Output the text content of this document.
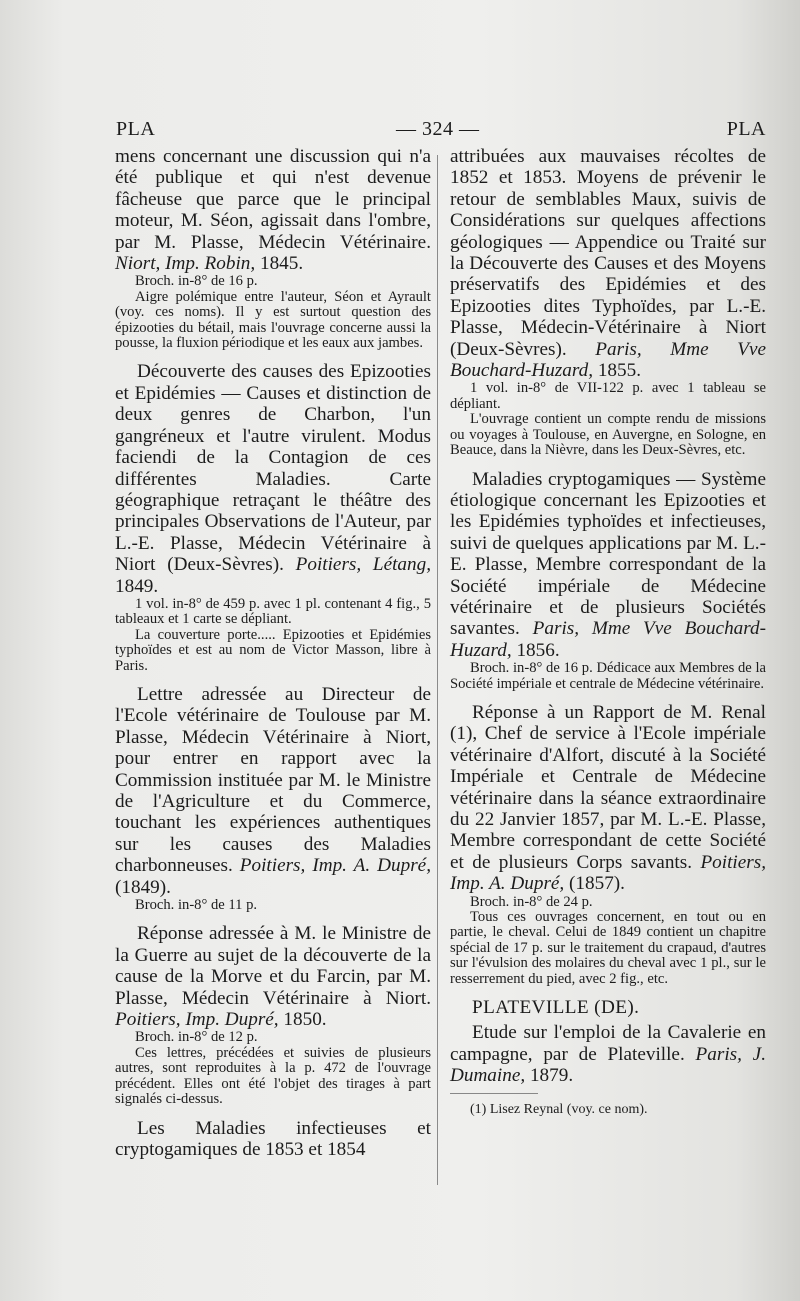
PLA	— 324 —	PLA

mens concernant une discussion qui n'a été publique et qui n'est devenue fâcheuse que parce que le principal moteur, M. Séon, agissait dans l'ombre, par M. Plasse, Médecin Vétérinaire. Niort, Imp. Robin, 1845.

Broch. in-8° de 16 p.

Aigre polémique entre l'auteur, Séon et Ayrault (voy. ces noms). Il y est surtout question des épizooties du bétail, mais l'ouvrage concerne aussi la pousse, la fluxion périodique et les eaux aux jambes.

Découverte des causes des Epizooties et Epidémies — Causes et distinction de deux genres de Charbon, l'un gangréneux et l'autre virulent. Modus faciendi de la Contagion de ces différentes Maladies. Carte géographique retraçant le théâtre des principales Observations de l'Auteur, par L.-E. Plasse, Médecin Vétérinaire à Niort (Deux-Sèvres). Poitiers, Létang, 1849.

1 vol. in-8° de 459 p. avec 1 pl. contenant 4 fig., 5 tableaux et 1 carte se dépliant.

La couverture porte..... Epizooties et Epidémies typhoïdes et est au nom de Victor Masson, libre à Paris.

Lettre adressée au Directeur de l'Ecole vétérinaire de Toulouse par M. Plasse, Médecin Vétérinaire à Niort, pour entrer en rapport avec la Commission instituée par M. le Ministre de l'Agriculture et du Commerce, touchant les expériences authentiques sur les causes des Maladies charbonneuses. Poitiers, Imp. A. Dupré, (1849).

Broch. in-8° de 11 p.

Réponse adressée à M. le Ministre de la Guerre au sujet de la découverte de la cause de la Morve et du Farcin, par M. Plasse, Médecin Vétérinaire à Niort. Poitiers, Imp. Dupré, 1850.

Broch. in-8° de 12 p.

Ces lettres, précédées et suivies de plusieurs autres, sont reproduites à la p. 472 de l'ouvrage précédent. Elles ont été l'objet des tirages à part signalés ci-dessus.

Les Maladies infectieuses et cryptogamiques de 1853 et 1854

attribuées aux mauvaises récoltes de 1852 et 1853. Moyens de prévenir le retour de semblables Maux, suivis de Considérations sur quelques affections géologiques — Appendice ou Traité sur la Découverte des Causes et des Moyens préservatifs des Epidémies et des Epizooties dites Typhoïdes, par L.-E. Plasse, Médecin-Vétérinaire à Niort (Deux-Sèvres). Paris, Mme Vve Bouchard-Huzard, 1855.

1 vol. in-8° de VII-122 p. avec 1 tableau se dépliant.

L'ouvrage contient un compte rendu de missions ou voyages à Toulouse, en Auvergne, en Sologne, en Beauce, dans la Nièvre, dans les Deux-Sèvres, etc.

Maladies cryptogamiques — Système étiologique concernant les Epizooties et les Epidémies typhoïdes et infectieuses, suivi de quelques applications par M. L.-E. Plasse, Membre correspondant de la Société impériale de Médecine vétérinaire et de plusieurs Sociétés savantes. Paris, Mme Vve Bouchard-Huzard, 1856.

Broch. in-8° de 16 p. Dédicace aux Membres de la Société impériale et centrale de Médecine vétérinaire.

Réponse à un Rapport de M. Renal (1), Chef de service à l'Ecole impériale vétérinaire d'Alfort, discuté à la Société Impériale et Centrale de Médecine vétérinaire dans la séance extraordinaire du 22 Janvier 1857, par M. L.-E. Plasse, Membre correspondant de cette Société et de plusieurs Corps savants. Poitiers, Imp. A. Dupré, (1857).

Broch. in-8° de 24 p.

Tous ces ouvrages concernent, en tout ou en partie, le cheval. Celui de 1849 contient un chapitre spécial de 17 p. sur le traitement du crapaud, d'autres sur l'évulsion des molaires du cheval avec 1 pl., sur le resserrement du pied, avec 2 fig., etc.

PLATEVILLE (DE).

Etude sur l'emploi de la Cavalerie en campagne, par de Plateville. Paris, J. Dumaine, 1879.

(1) Lisez Reynal (voy. ce nom).
